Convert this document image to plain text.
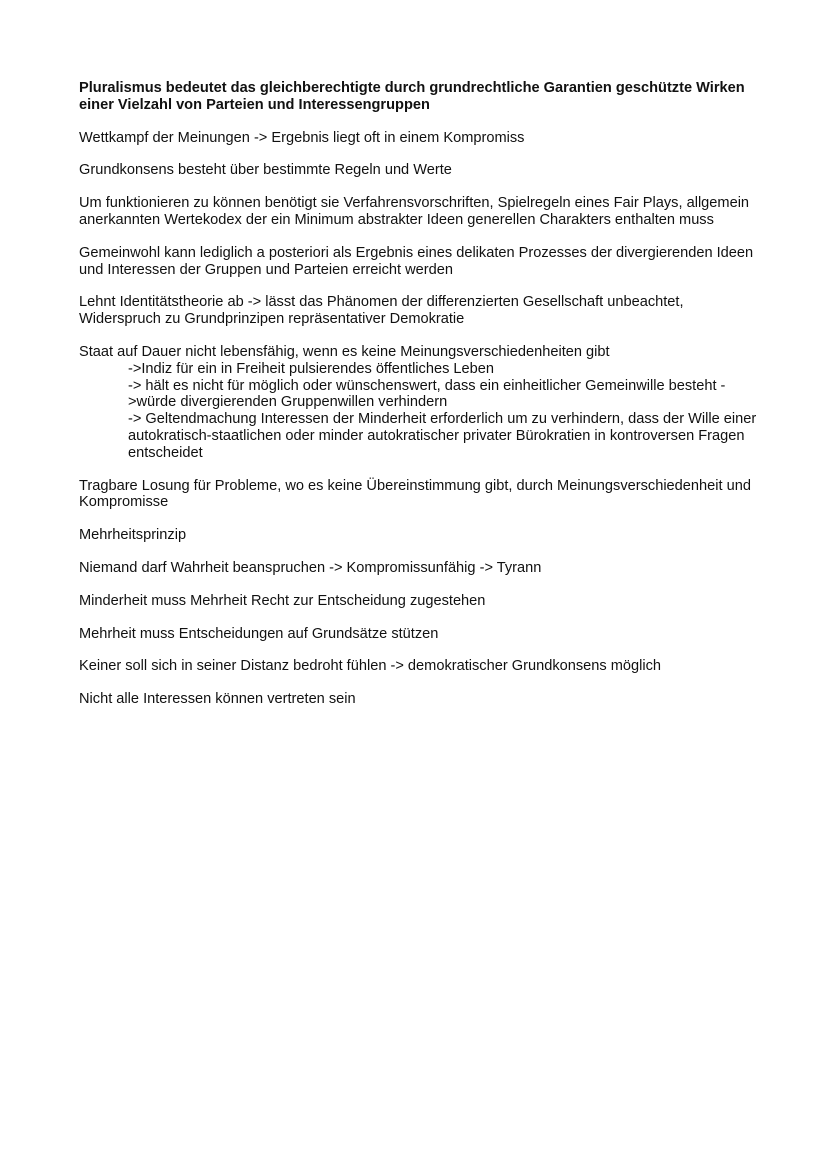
Pluralismus bedeutet das gleichberechtigte durch grundrechtliche Garantien geschützte Wirken einer Vielzahl von Parteien und Interessengruppen

Wettkampf der Meinungen -> Ergebnis liegt oft in einem Kompromiss

Grundkonsens besteht über bestimmte Regeln und Werte

Um funktionieren zu können benötigt sie Verfahrensvorschriften, Spielregeln eines Fair Plays, allgemein anerkannten Wertekodex der ein Minimum abstrakter Ideen generellen Charakters enthalten muss

Gemeinwohl kann lediglich a posteriori als Ergebnis eines delikaten Prozesses der divergierenden Ideen und Interessen der Gruppen und Parteien erreicht werden

Lehnt Identitätstheorie ab -> lässt das Phänomen der differenzierten Gesellschaft unbeachtet, Widerspruch zu Grundprinzipen repräsentativer Demokratie

Staat auf Dauer nicht lebensfähig, wenn es keine Meinungsverschiedenheiten gibt

->Indiz für ein in Freiheit pulsierendes öffentliches Leben

-> hält es nicht für möglich oder wünschenswert, dass ein einheitlicher Gemeinwille besteht ->würde divergierenden Gruppenwillen verhindern

-> Geltendmachung Interessen der Minderheit erforderlich um zu verhindern, dass der Wille einer autokratisch-staatlichen oder minder autokratischer privater Bürokratien in kontroversen Fragen entscheidet

Tragbare Losung für Probleme, wo es keine Übereinstimmung gibt, durch Meinungsverschiedenheit und Kompromisse

Mehrheitsprinzip

Niemand darf Wahrheit beanspruchen -> Kompromissunfähig -> Tyrann

Minderheit muss Mehrheit Recht zur Entscheidung zugestehen

Mehrheit muss Entscheidungen auf Grundsätze stützen

Keiner soll sich in seiner Distanz bedroht fühlen -> demokratischer Grundkonsens möglich

Nicht alle Interessen können vertreten sein
